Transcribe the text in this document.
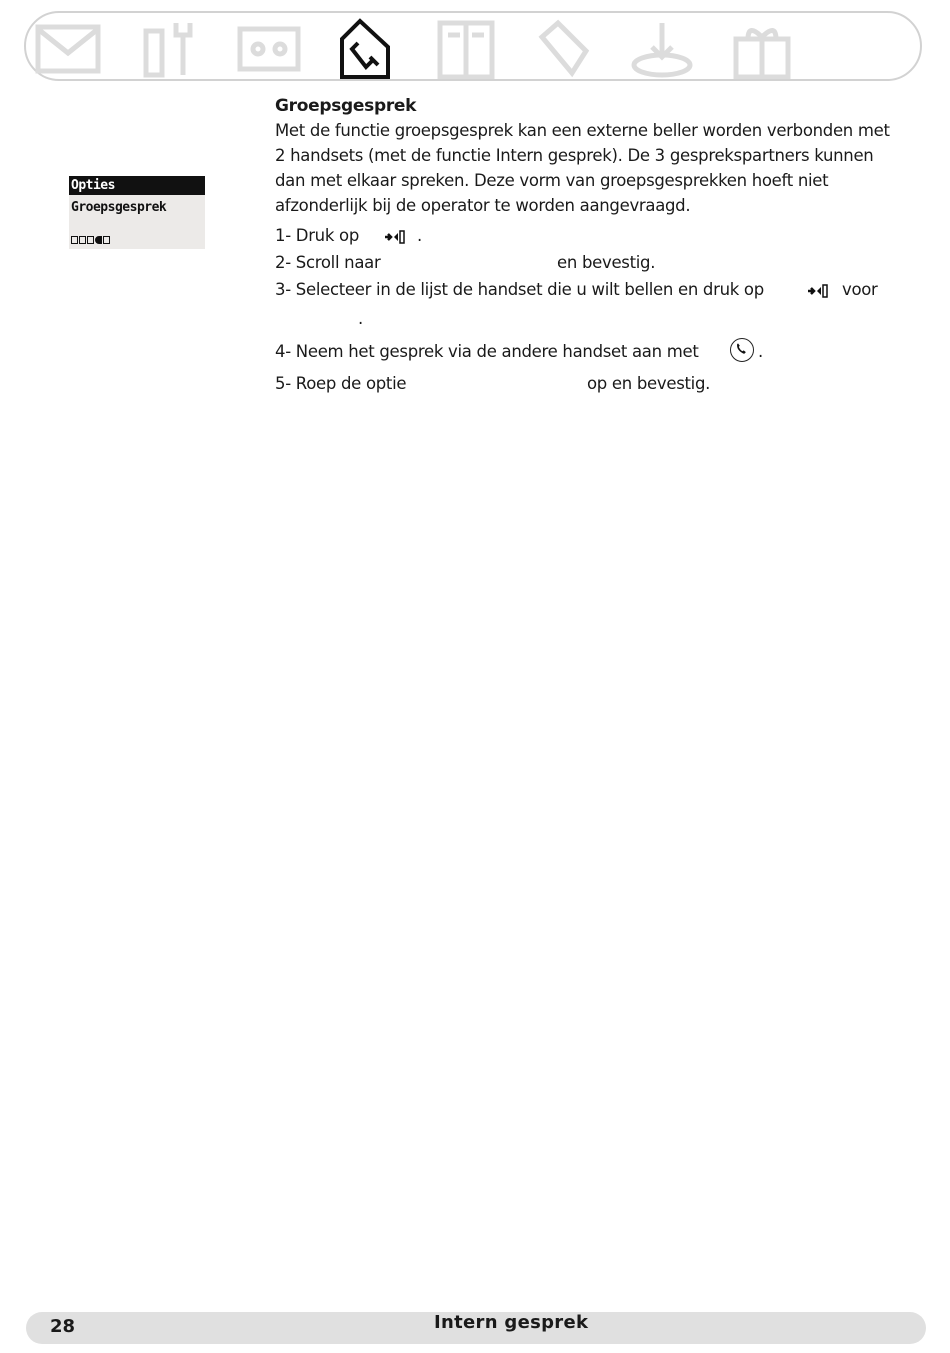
Opties
Groepsgesprek
Groepsgesprek

Met de functie groepsgesprek kan een externe beller worden verbonden met 2 handsets (met de functie Intern gesprek). De 3 gesprekspartners kunnen dan met elkaar spreken. Deze vorm van groepsgesprekken hoeft niet afzonderlijk bij de operator te worden aangevraagd.

1- Druk op	.
2- Scroll naar	en bevestig.
3- Selecteer in de lijst de handset die u wilt bellen en druk op	voor
.
4- Neem het gesprek via de andere handset aan met	.
5- Roep de optie	op en bevestig.
28	Intern gesprek
